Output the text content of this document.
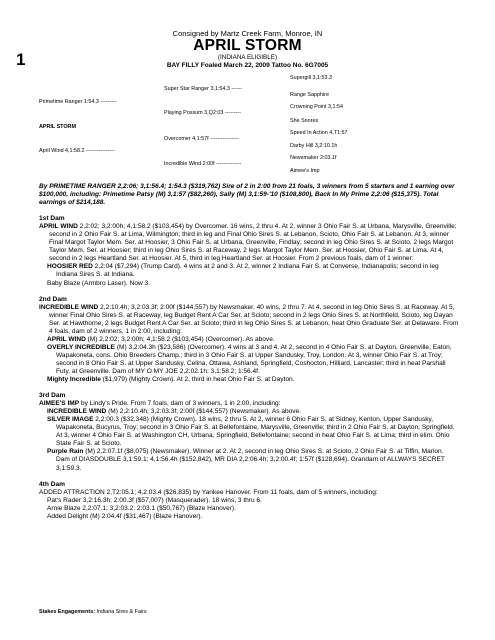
Consigned by Martz Creek Farm, Monroe, IN
1
APRIL STORM
(INDIANA ELIGIBLE)
BAY FILLY Foaled March 22, 2009 Tattoo No. 6G7005
Supergill 3,1:53.3
Super Star Ranger 3,1:54.3 ------
Range Sapphire
Primetime Ranger 1:54.3 ---------
Crowning Point 3,1:54
Playing Possum 3,Q2:03 ---------
She Snores
APRIL STORM
Speed In Action 4,T1:57
Overcomer 4,1:57f ----------------
Darby Hill 3,2:10.1h
April Wind 4,1:58.2 ----------------
Newsmaker 2:03.1f
Incredible Wind 2:00f --------------
Aimee's Imp

By PRIMETIME RANGER 2,2:06; 3,1:56.4; 1:54.3 ($319,762) Sire of 2 in 2:00 from 21 foals, 3 winners from 5 starters and 1 earning over $100,000, including: Primetime Patsy (M) 3,1:57 ($82,260), Sally (M) 3,1:59-'10 ($108,800), Back In My Prime 2,2:06 ($15,375). Total earnings of $214,188.

1st Dam

APRIL WIND 2,2:02; 3,2:00h; 4,1:58.2 ($103,454) by Overcomer. 16 wins, 2 thru 4. At 2, winner 3 Ohio Fair S. at Urbana, Marysville, Greenville; second in 2 Ohio Fair S. at Lima, Wilmington; third in leg and Final Ohio Sires S. at Lebanon, Scioto, Ohio Fair S. at Lebanon. At 3, winner Final Margot Taylor Mem. Ser. at Hoosier, 3 Ohio Fair S. at Urbana, Greenville, Findlay; second in leg Ohio Sires S. at Scioto, 2 legs Margot Taylor Mem. Ser. at Hoosier; third in leg Ohio Sires S. at Raceway, 2 legs Margot Taylor Mem. Ser. at Hoosier, Ohio Fair S. at Lima. At 4, second in 2 legs Heartland Ser. at Hoosier. At 5, third in leg Heartland Ser. at Hoosier. From 2 previous foals, dam of 1 winner:

HOOSIER RED 2,2:04 ($7,294) (Trump Card). 4 wins at 2 and 3. At 2, winner 2 Indiana Fair S. at Converse, Indianapolis; second in leg Indiana Sires S. at Indiana.

Baby Blaze (Armbro Laser). Now 3.

2nd Dam

INCREDIBLE WIND 2,2:10.4h; 3,2:03.3f; 2:00f ($144,557) by Newsmaker. 40 wins, 2 thru 7. At 4, second in leg Ohio Sires S. at Raceway. At 5, winner Final Ohio Sires S. at Raceway, leg Budget Rent A Car Ser. at Scioto; second in 2 legs Ohio Sires S. at Northfield, Scioto, leg Dayan Ser. at Hawthorne, 2 legs Budget Rent A Car Ser. at Scioto; third in leg Ohio Sires S. at Lebanon, heat Ohio Graduate Ser. at Delaware. From 4 foals, dam of 2 winners, 1 in 2:00, including:

APRIL WIND (M) 2,2:02; 3,2:00h; 4,1:58.2 ($103,454) (Overcomer). As above.

OVERLY INCREDIBLE (M) 3,2:04.3h ($23,586) (Overcomer). 4 wins at 3 and 4. At 2, second in 4 Ohio Fair S. at Dayton, Greenville, Eaton, Wapakoneta, cons. Ohio Breeders Champ.; third in 3 Ohio Fair S. at Upper Sandusky, Troy, London. At 3, winner Ohio Fair S. at Troy; second in 8 Ohio Fair S. at Upper Sandusky, Celina, Ottawa, Ashland, Springfield, Coshocton, Hilliard, Lancaster; third in heat Parshall Futy. at Greenville. Dam of MY O MY JOE 2,2:02.1h; 3,1:58.2; 1:56.4f.

Mighty Incredible ($1,979) (Mighty Crown). At 2, third in heat Ohio Fair S. at Dayton.

3rd Dam

AIMEE'S IMP by Lindy's Pride. From 7 foals, dam of 3 winners, 1 in 2:00, including:

INCREDIBLE WIND (M) 2,2:10.4h; 3,2:03.3f; 2:00f ($144,557) (Newsmaker). As above.

SILVER IMAGE 2,2:00.3 ($32,348) (Mighty Crown). 18 wins, 2 thru 5. At 2, winner 6 Ohio Fair S. at Sidney, Kenton, Upper Sandusky, Wapakoneta, Bucyrus, Troy; second in 3 Ohio Fair S. at Bellefontaine, Marysville, Greenville; third in 2 Ohio Fair S. at Dayton, Springfield. At 3, winner 4 Ohio Fair S. at Washington CH, Urbana, Springfield, Bellefontaine; second in heat Ohio Fair S. at Lima; third in elim. Ohio State Fair S. at Scioto.

Purple Rain (M) 2,2:07.1f ($8,075) (Newsmaker). Winner at 2. At 2, second in leg Ohio Sires S. at Scioto, 2 Ohio Fair S. at Tiffin, Marion. Dam of DIASDOUBLE 3,1:59.1; 4,1:56.4h ($152,842), MR DIA 2,2:06.4h; 3,2:00.4f; 1:57f ($128,694). Grandam of ALLWAYS SECRET 3,1:59.3.

4th Dam

ADDED ATTRACTION 2,T2:05.1; 4,2:03.4 ($26,835) by Yankee Hanover. From 11 foals, dam of 5 winners, including:

Pat's Rader 3,2:16.3h; 2:00.3f ($57,007) (Masquerader). 18 wins, 3 thru 6.

Arnie Blaze 2,2:07.1; 3,2:03.2; 2:03.1 ($50,767) (Blaze Hanover).

Added Delight (M) 2:04.4f ($31,467) (Blaze Hanover).

Stakes Engagements: Indiana Sires & Fairs
